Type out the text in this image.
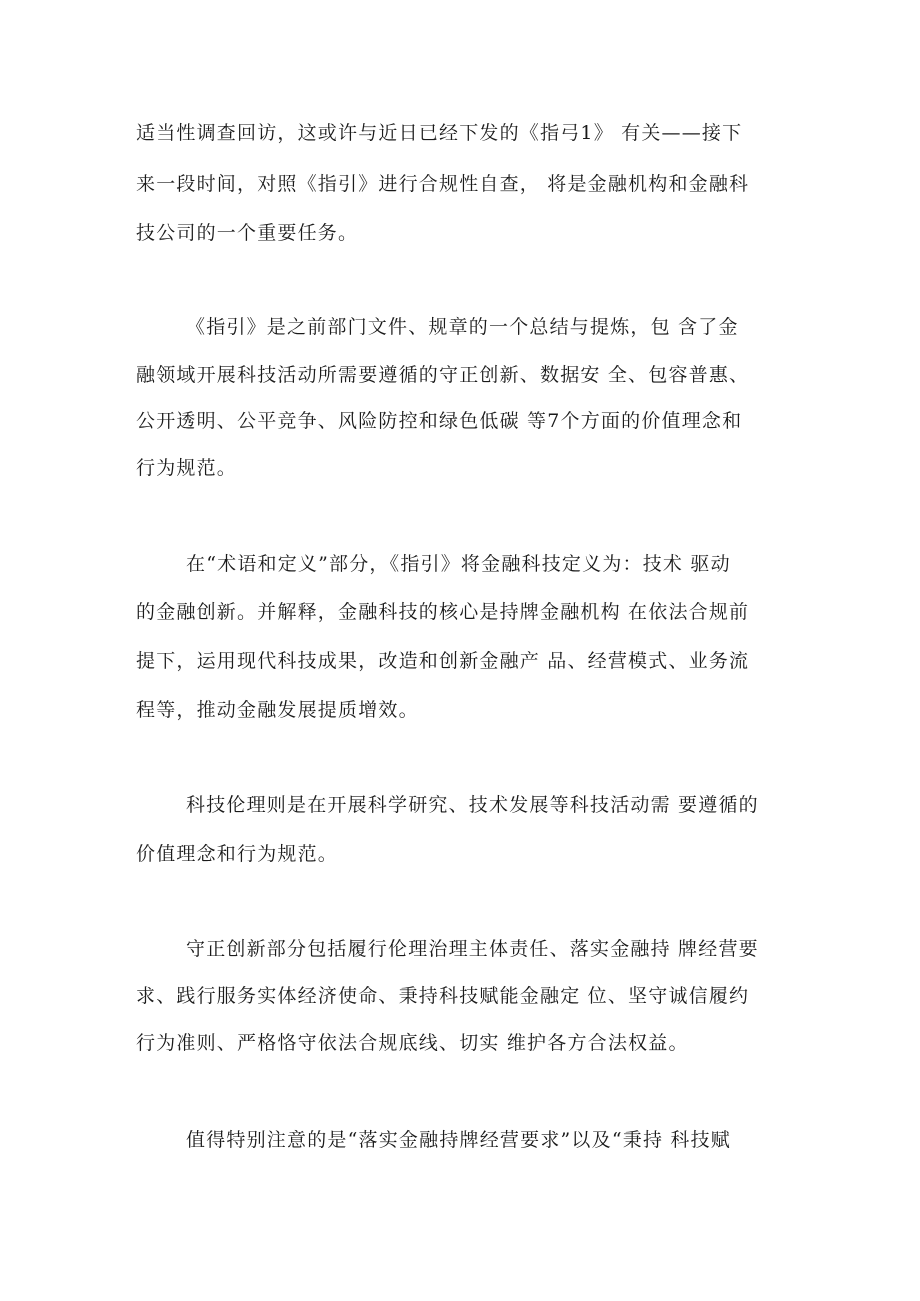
适当性调查回访，这或许与近日已经下发的《指弓1》 有关——接下
来一段时间，对照《指引》进行合规性自查， 将是金融机构和金融科
技公司的一个重要任务。
《指引》是之前部门文件、规章的一个总结与提炼，包 含了金
融领域开展科技活动所需要遵循的守正创新、数据安 全、包容普惠、
公开透明、公平竞争、风险防控和绿色低碳 等7个方面的价值理念和
行为规范。
在“术语和定义”部分，《指引》将金融科技定义为：技术 驱动
的金融创新。并解释，金融科技的核心是持牌金融机构 在依法合规前
提下，运用现代科技成果，改造和创新金融产 品、经营模式、业务流
程等，推动金融发展提质增效。
科技伦理则是在开展科学研究、技术发展等科技活动需 要遵循的
价值理念和行为规范。
守正创新部分包括履行伦理治理主体责任、落实金融持 牌经营要
求、践行服务实体经济使命、秉持科技赋能金融定 位、坚守诚信履约
行为准则、严格恪守依法合规底线、切实 维护各方合法权益。
值得特别注意的是“落实金融持牌经营要求”以及“秉持 科技赋
